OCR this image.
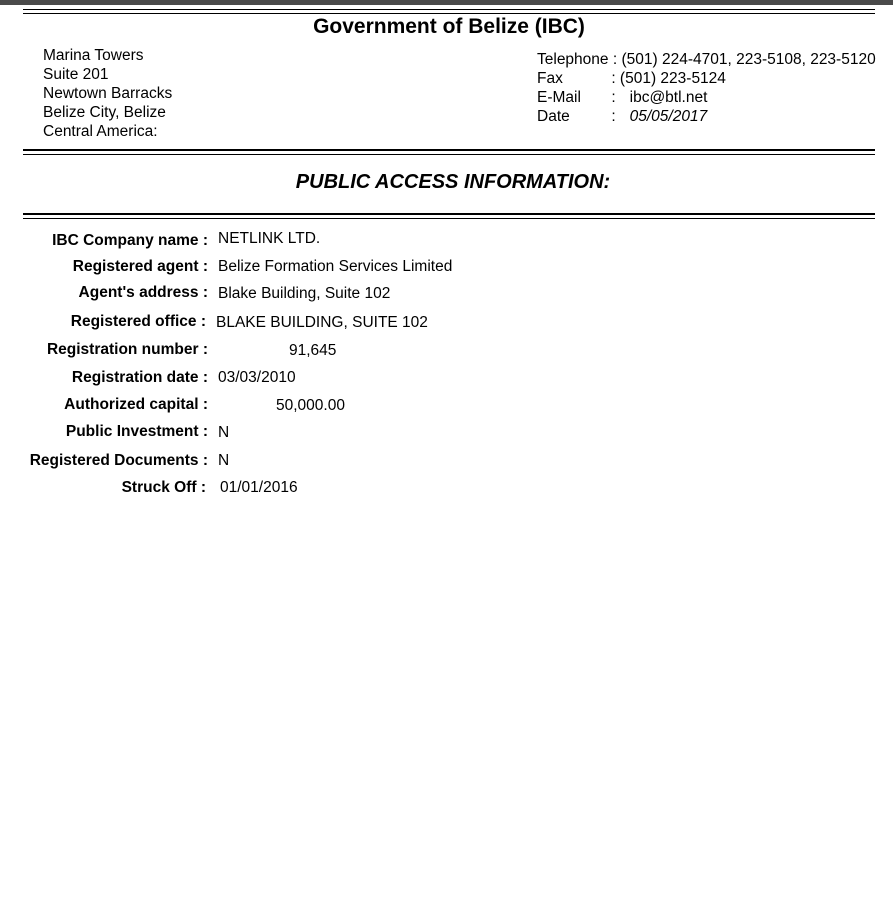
Government of Belize (IBC)
Marina Towers
Suite 201
Newtown Barracks
Belize City, Belize
Central America:
Telephone : (501) 224-4701, 223-5108, 223-5120
Fax	: (501) 223-5124
E-Mail : ibc@btl.net
Date	: 05/05/2017
PUBLIC ACCESS INFORMATION:
IBC Company name : NETLINK LTD.
Registered agent : Belize Formation Services Limited
Agent's address : Blake Building, Suite 102
Registered office : BLAKE BUILDING, SUITE 102
Registration number :	91,645
Registration date : 03/03/2010
Authorized capital :	50,000.00
Public Investment : N
Registered Documents : N
Struck Off : 01/01/2016
